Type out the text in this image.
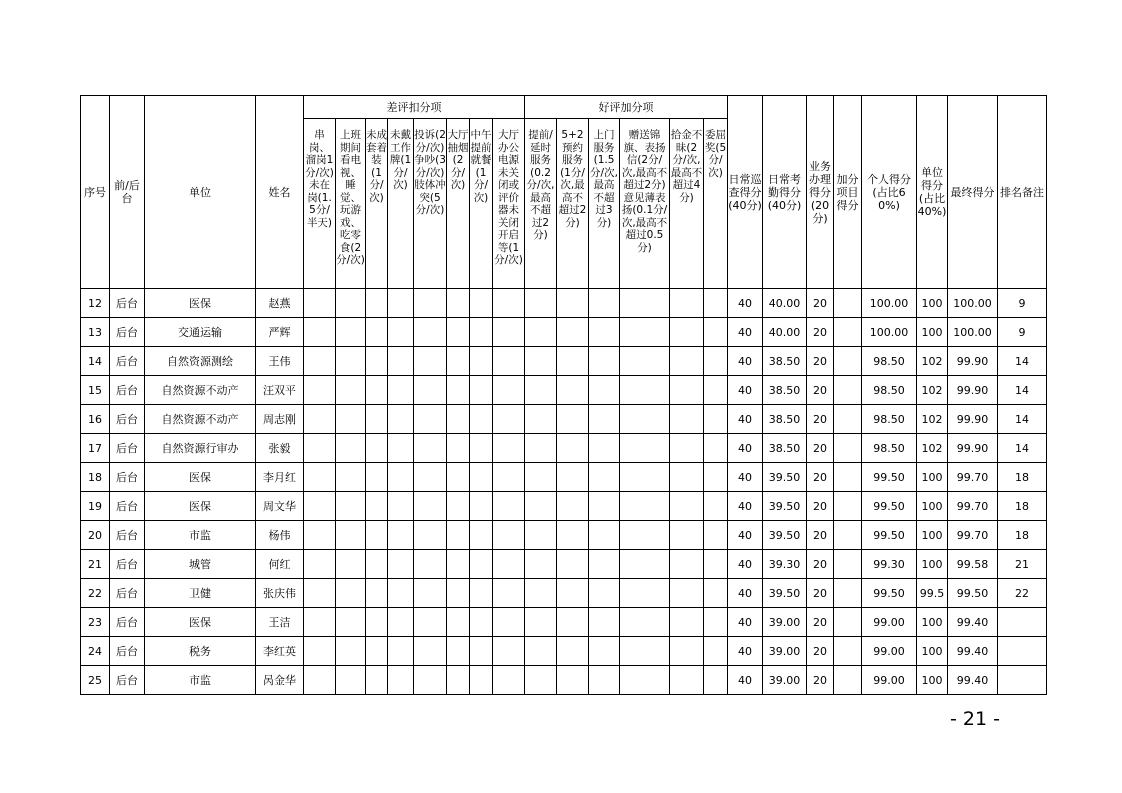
序号	前/后台	单位	姓名	差评扣分项								好评加分项						日常巡查得分(40分)	日常考勤得分(40分)	业务办理得分(20分)	加分项目得分	个人得分(占比60%)	单位得分(占比40%)	最终得分	排名备注

				串岗、溜岗1分/次)未在岗(1.5分/半天)	上班期间看电视、睡觉、玩游戏、吃零食(2分/次)	未成套着装(1分/次)	未戴工作牌(1分/次)	投诉(2分/次)争吵(3分/次)肢体冲突(5分/次)	大厅抽烟(2分/次)	中午提前就餐(1分/次)	大厅办公电源未关闭或评价器未关闭开启等(1分/次)	提前/延时服务(0.2分/次,最高不超过2分)	5+2预约服务(1分/次,最高不超过2分)	上门服务(1.5分/次,最高不超过3分)	赠送锦旗、表扬信(2分/次,最高不超过2分)意见薄表扬(0.1分/次,最高不超过0.5分)	拾金不昧(2分/次,最高不超过4分)	委屈奖(5分/次)								

12	后台	医保	赵燕															40	40.00	20		100.00	100	100.00	9
13	后台	交通运输	严辉															40	40.00	20		100.00	100	100.00	9
14	后台	自然资源测绘	王伟															40	38.50	20		98.50	102	99.90	14
15	后台	自然资源不动产	汪双平															40	38.50	20		98.50	102	99.90	14
16	后台	自然资源不动产	周志刚															40	38.50	20		98.50	102	99.90	14
17	后台	自然资源行审办	张毅															40	38.50	20		98.50	102	99.90	14
18	后台	医保	李月红															40	39.50	20		99.50	100	99.70	18
19	后台	医保	周文华															40	39.50	20		99.50	100	99.70	18
20	后台	市监	杨伟															40	39.50	20		99.50	100	99.70	18
21	后台	城管	何红															40	39.30	20		99.30	100	99.58	21
22	后台	卫健	张庆伟															40	39.50	20		99.50	99.5	99.50	22
23	后台	医保	王洁															40	39.00	20		99.00	100	99.40	
24	后台	税务	李红英															40	39.00	20		99.00	100	99.40	
25	后台	市监	呙金华															40	39.00	20		99.00	100	99.40	
- 21 -
